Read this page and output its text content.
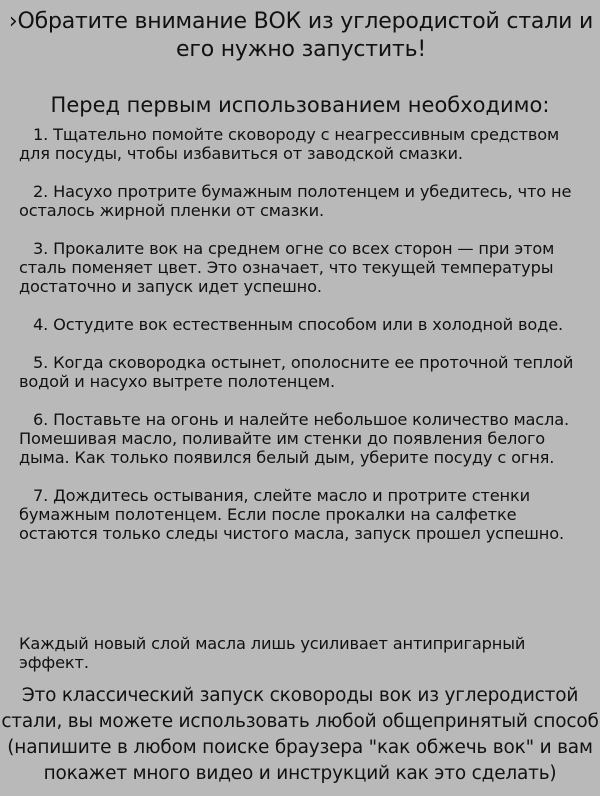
›Обратите внимание ВОК из углеродистой стали и его нужно запустить!
Перед первым использованием необходимо:
1. Тщательно помойте сковороду с неагрессивным средством для посуды, чтобы избавиться от заводской смазки.
2. Насухо протрите бумажным полотенцем и убедитесь, что не осталось жирной пленки от смазки.
3. Прокалите вок на среднем огне со всех сторон — при этом сталь поменяет цвет. Это означает, что текущей температуры достаточно и запуск идет успешно.
4. Остудите вок естественным способом или в холодной воде.
5. Когда сковородка остынет, ополосните ее проточной теплой водой и насухо вытрете полотенцем.
6. Поставьте на огонь и налейте небольшое количество масла. Помешивая масло, поливайте им стенки до появления белого дыма. Как только появился белый дым, уберите посуду с огня.
7. Дождитесь остывания, слейте масло и протрите стенки бумажным полотенцем. Если после прокалки на салфетке остаются только следы чистого масла, запуск прошел успешно.
Каждый новый слой масла лишь усиливает антипригарный эффект.
Это классический запуск сковороды вок из углеродистой стали, вы можете использовать любой общепринятый способ (напишите в любом поиске браузера "как обжечь вок" и вам покажет много видео и инструкций как это сделать)
